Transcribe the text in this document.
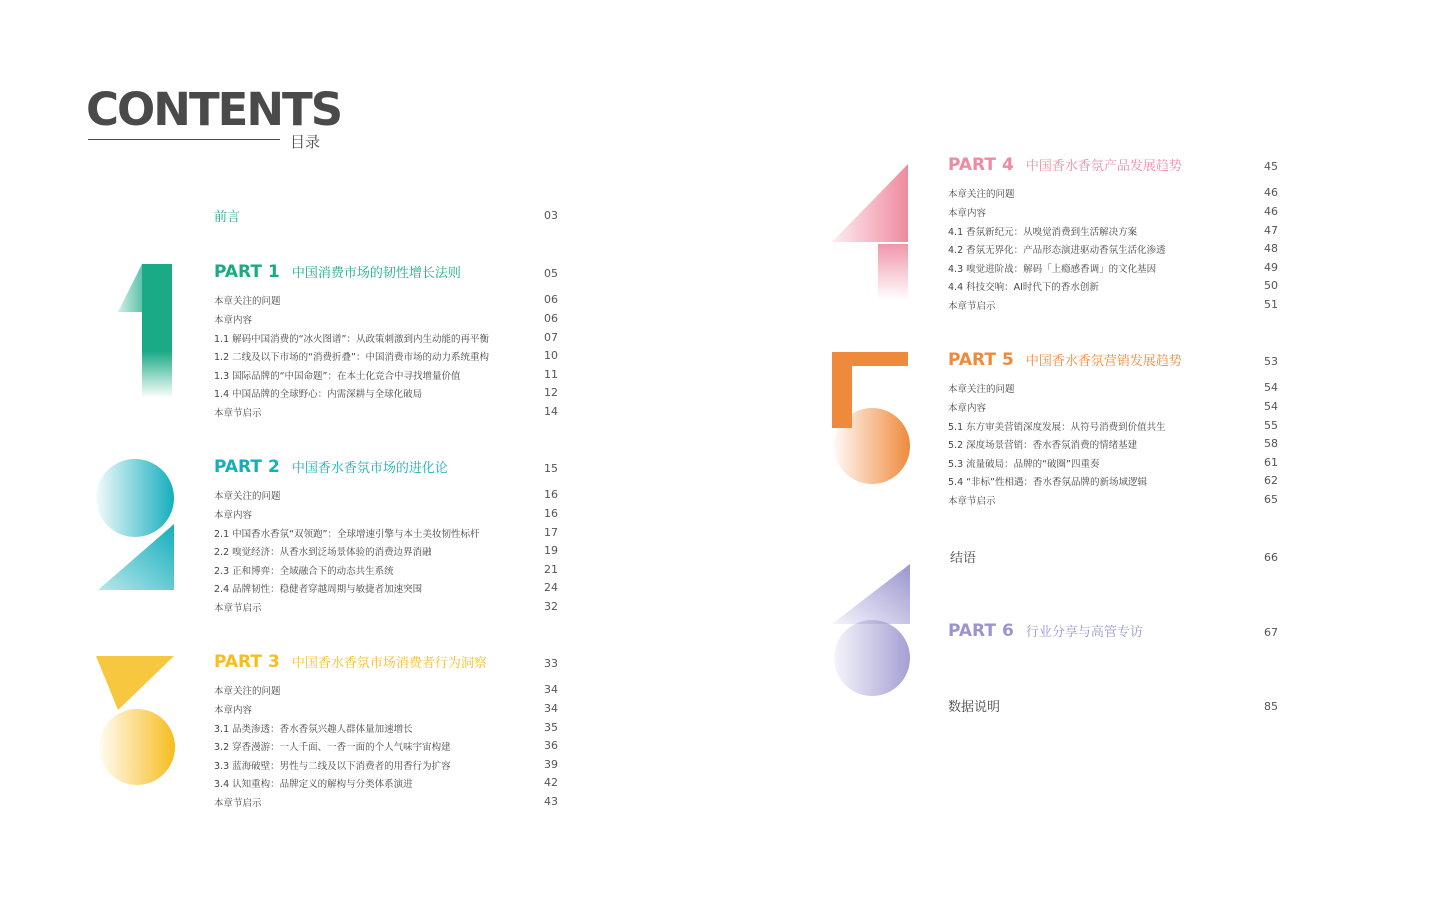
CONTENTS
目录
前言	03
PART 1 中国消费市场的韧性增长法则	05
本章关注的问题	06
本章内容	06
1.1 解码中国消费的“冰火图谱”：从政策刺激到内生动能的再平衡	07
1.2 二线及以下市场的“消费折叠”：中国消费市场的动力系统重构	10
1.3 国际品牌的“中国命题”：在本土化竞合中寻找增量价值	11
1.4 中国品牌的全球野心：内需深耕与全球化破局	12
本章节启示	14
PART 2 中国香水香氛市场的进化论	15
本章关注的问题	16
本章内容	16
2.1 中国香水香氛“双领跑”：全球增速引擎与本土美妆韧性标杆	17
2.2 嗅觉经济：从香水到泛场景体验的消费边界消融	19
2.3 正和博弈：全域融合下的动态共生系统	21
2.4 品牌韧性：稳健者穿越周期与敏捷者加速突围	24
本章节启示	32
PART 3 中国香水香氛市场消费者行为洞察	33
本章关注的问题	34
本章内容	34
3.1 品类渗透：香水香氛兴趣人群体量加速增长	35
3.2 穿香漫游：一人千面、一香一面的个人气味宇宙构建	36
3.3 蓝海破壁：男性与二线及以下消费者的用香行为扩容	39
3.4 认知重构：品牌定义的解构与分类体系演进	42
本章节启示	43
PART 4 中国香水香氛产品发展趋势	45
本章关注的问题	46
本章内容	46
4.1 香氛新纪元：从嗅觉消费到生活解决方案	47
4.2 香氛无界化：产品形态演进驱动香氛生活化渗透	48
4.3 嗅觉进阶战：解码「上瘾感香调」的文化基因	49
4.4 科技交响：AI时代下的香水创新	50
本章节启示	51
PART 5 中国香水香氛营销发展趋势	53
本章关注的问题	54
本章内容	54
5.1 东方审美营销深度发展：从符号消费到价值共生	55
5.2 深度场景营销：香水香氛消费的情绪基建	58
5.3 流量破局：品牌的“破圈”四重奏	61
5.4 “非标”性相遇：香水香氛品牌的新场域逻辑	62
本章节启示	65
结语	66
PART 6 行业分享与高管专访	67
数据说明	85
